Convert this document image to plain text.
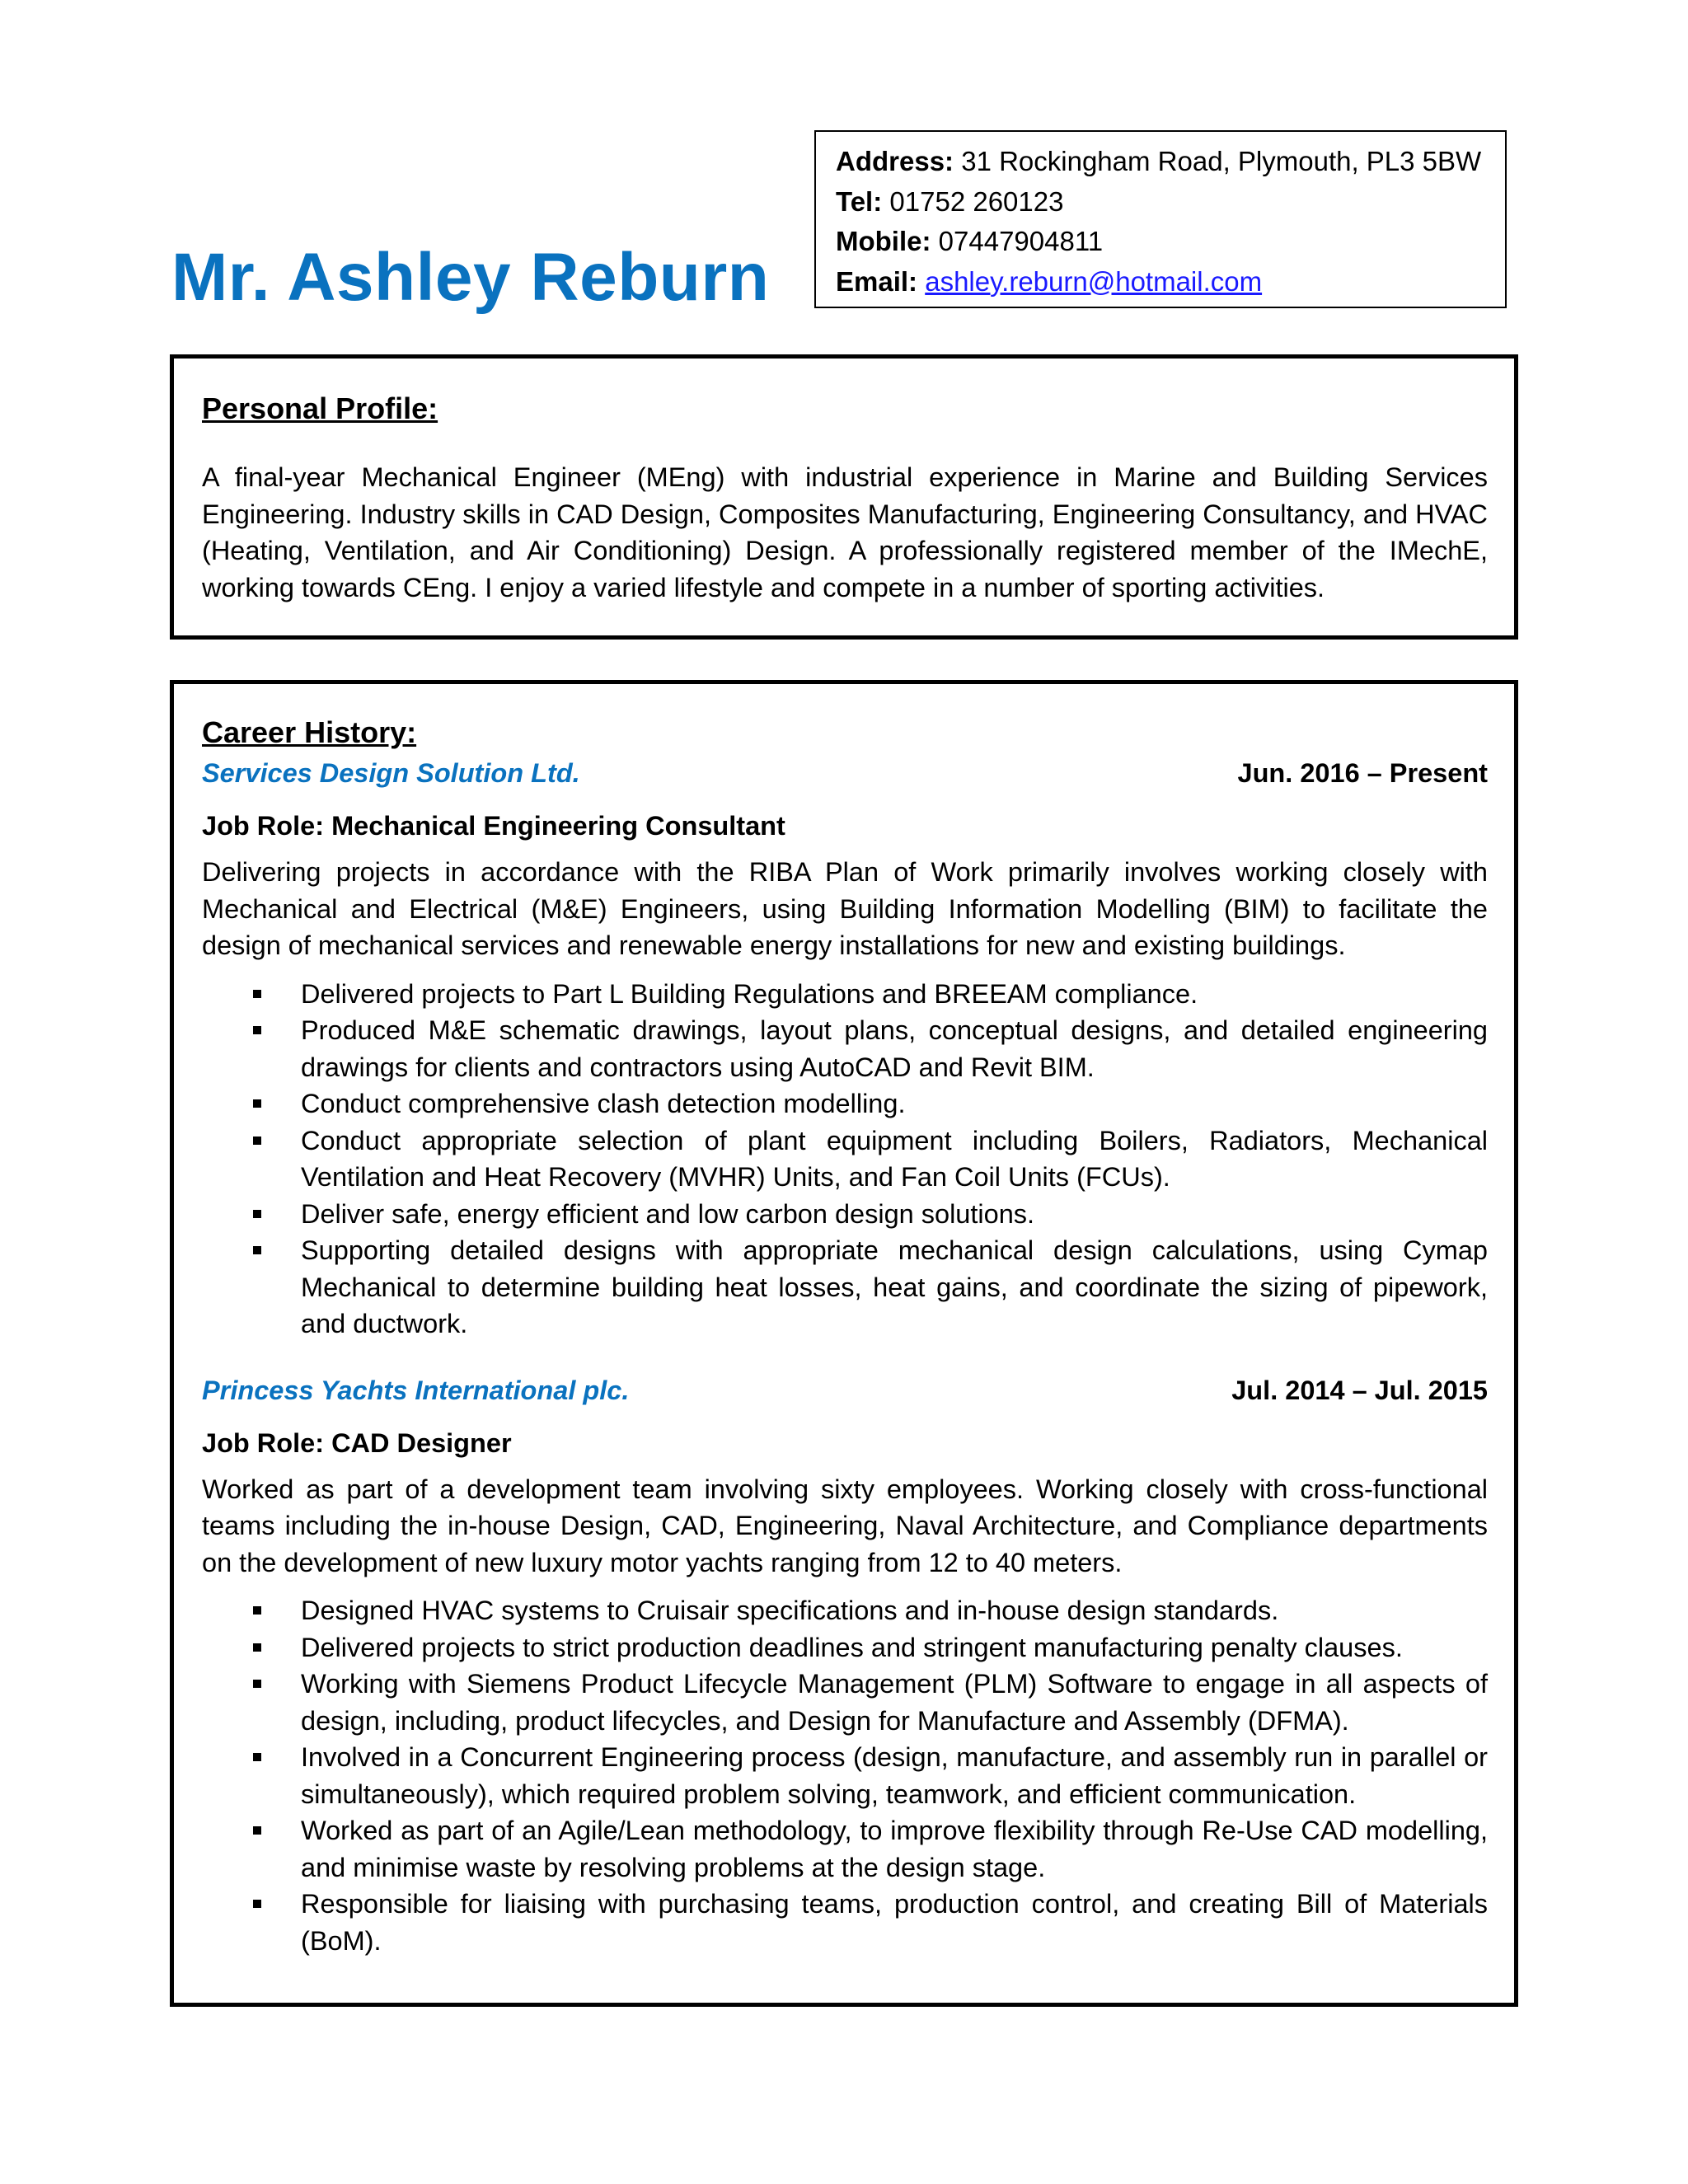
Mr. Ashley Reburn
Address: 31 Rockingham Road, Plymouth, PL3 5BW
Tel: 01752 260123
Mobile: 07447904811
Email: ashley.reburn@hotmail.com
Personal Profile:

A final-year Mechanical Engineer (MEng) with industrial experience in Marine and Building Services Engineering. Industry skills in CAD Design, Composites Manufacturing, Engineering Consultancy, and HVAC (Heating, Ventilation, and Air Conditioning) Design. A professionally registered member of the IMechE, working towards CEng. I enjoy a varied lifestyle and compete in a number of sporting activities.

Career History:
Services Design Solution Ltd.	Jun. 2016 – Present
Job Role: Mechanical Engineering Consultant

Delivering projects in accordance with the RIBA Plan of Work primarily involves working closely with Mechanical and Electrical (M&E) Engineers, using Building Information Modelling (BIM) to facilitate the design of mechanical services and renewable energy installations for new and existing buildings.

Delivered projects to Part L Building Regulations and BREEAM compliance.
Produced M&E schematic drawings, layout plans, conceptual designs, and detailed engineering drawings for clients and contractors using AutoCAD and Revit BIM.
Conduct comprehensive clash detection modelling.
Conduct appropriate selection of plant equipment including Boilers, Radiators, Mechanical Ventilation and Heat Recovery (MVHR) Units, and Fan Coil Units (FCUs).
Deliver safe, energy efficient and low carbon design solutions.
Supporting detailed designs with appropriate mechanical design calculations, using Cymap Mechanical to determine building heat losses, heat gains, and coordinate the sizing of pipework, and ductwork.
Princess Yachts International plc.	Jul. 2014 – Jul. 2015
Job Role: CAD Designer

Worked as part of a development team involving sixty employees. Working closely with cross-functional teams including the in-house Design, CAD, Engineering, Naval Architecture, and Compliance departments on the development of new luxury motor yachts ranging from 12 to 40 meters.

Designed HVAC systems to Cruisair specifications and in-house design standards.
Delivered projects to strict production deadlines and stringent manufacturing penalty clauses.
Working with Siemens Product Lifecycle Management (PLM) Software to engage in all aspects of design, including, product lifecycles, and Design for Manufacture and Assembly (DFMA).
Involved in a Concurrent Engineering process (design, manufacture, and assembly run in parallel or simultaneously), which required problem solving, teamwork, and efficient communication.
Worked as part of an Agile/Lean methodology, to improve flexibility through Re-Use CAD modelling, and minimise waste by resolving problems at the design stage.
Responsible for liaising with purchasing teams, production control, and creating Bill of Materials (BoM).
